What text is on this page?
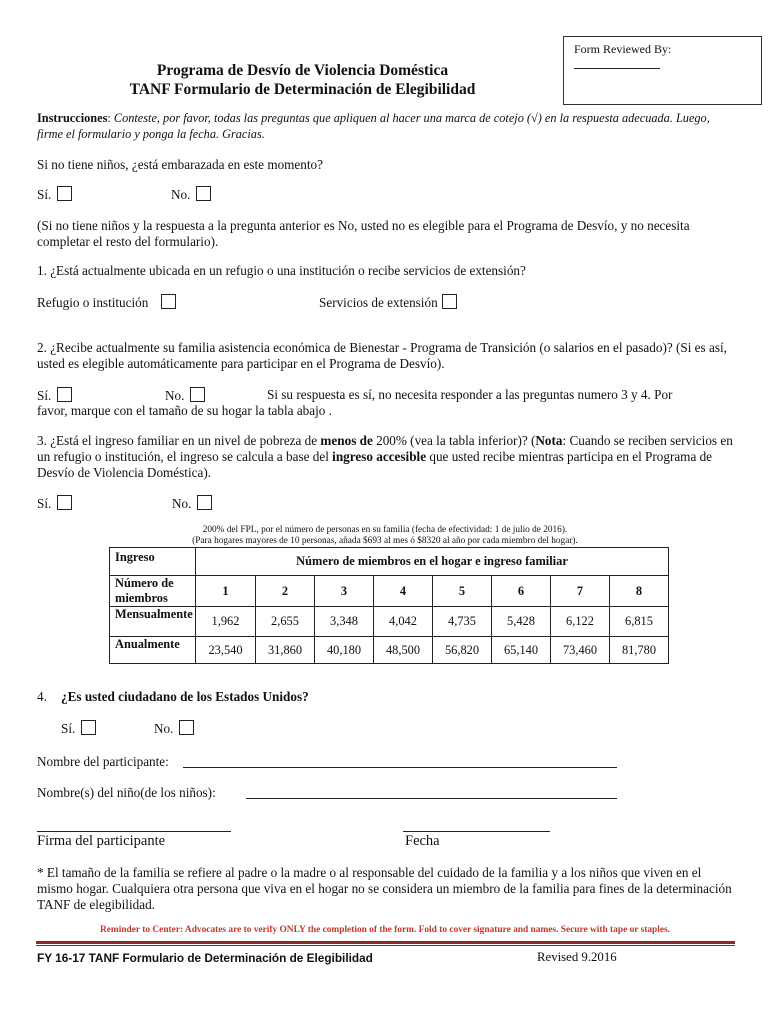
Form Reviewed By:
Programa de Desvío de Violencia Doméstica
TANF Formulario de Determinación de Elegibilidad
Instrucciones: Conteste, por favor, todas las preguntas que apliquen al hacer una marca de cotejo (√) en la respuesta adecuada. Luego, firme el formulario y ponga la fecha. Gracias.
Si no tiene niños, ¿está embarazada en este momento?
Sí.	No.
(Si no tiene niños y la respuesta a la pregunta anterior es No, usted no es elegible para el Programa de Desvío, y no necesita completar el resto del formulario).
1. ¿Está actualmente ubicada en un refugio o una institución o recibe servicios de extensión?
Refugio o institución	Servicios de extensión
2. ¿Recibe actualmente su familia asistencia económica de Bienestar - Programa de Transición (o salarios en el pasado)? (Si es así, usted es elegible automáticamente para participar en el Programa de Desvío).
Sí.	No.	Si su respuesta es sí, no necesita responder a las preguntas numero 3 y 4. Por
favor, marque con el tamaño de su hogar la tabla abajo .
3. ¿Está el ingreso familiar en un nivel de pobreza de menos de 200% (vea la tabla inferior)? (Nota: Cuando se reciben servicios en un refugio o institución, el ingreso se calcula a base del ingreso accesible que usted recibe mientras participa en el Programa de Desvío de Violencia Doméstica).
Sí.	No.
200% del FPL, por el número de personas en su familia (fecha de efectividad: 1 de julio de 2016).
(Para hogares mayores de 10 personas, añada $693 al mes ó $8320 al año por cada miembro del hogar).
Ingreso	Número de miembros en el hogar e ingreso familiar							
Número de miembros	1	2	3	4	5	6	7	8
Mensualmente	1,962	2,655	3,348	4,042	4,735	5,428	6,122	6,815
Anualmente	23,540	31,860	40,180	48,500	56,820	65,140	73,460	81,780
4. ¿Es usted ciudadano de los Estados Unidos?
Sí.	No.
Nombre del participante:
Nombre(s) del niño(de los niños):
Firma del participante	Fecha
* El tamaño de la familia se refiere al padre o la madre o al responsable del cuidado de la familia y a los niños que viven en el mismo hogar. Cualquiera otra persona que viva en el hogar no se considera un miembro de la familia para fines de la determinación TANF de elegibilidad.
Reminder to Center: Advocates are to verify ONLY the completion of the form. Fold to cover signature and names. Secure with tape or staples.
FY 16-17 TANF Formulario de Determinación de Elegibilidad	Revised 9.2016
